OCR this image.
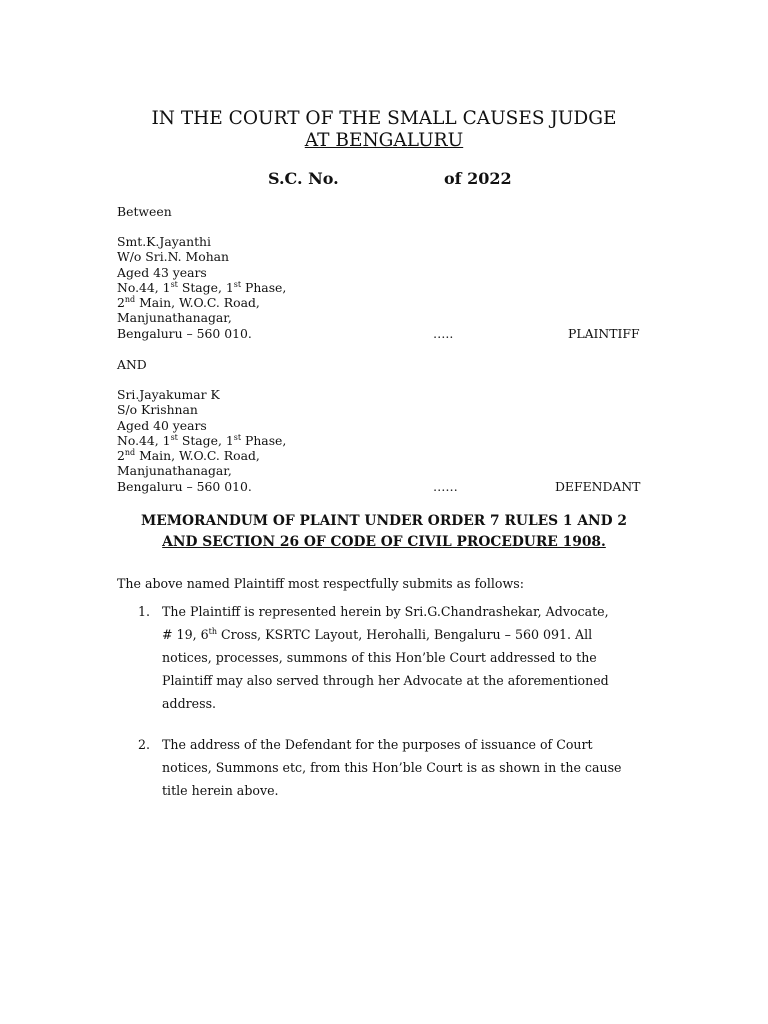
IN THE COURT OF THE SMALL CAUSES JUDGE
AT BENGALURU
S.C. No.	of 2022
Between
Smt.K.Jayanthi
W/o Sri.N. Mohan
Aged 43 years
No.44, 1st Stage, 1st Phase,
2nd Main, W.O.C. Road,
Manjunathanagar,
Bengaluru – 560 010.	…..	PLAINTIFF
AND
Sri.Jayakumar K
S/o Krishnan
Aged 40 years
No.44, 1st Stage, 1st Phase,
2nd Main, W.O.C. Road,
Manjunathanagar,
Bengaluru – 560 010.	……	DEFENDANT
MEMORANDUM OF PLAINT UNDER ORDER 7 RULES 1 AND 2
AND SECTION 26 OF CODE OF CIVIL PROCEDURE 1908.
The above named Plaintiff most respectfully submits as follows:
1. The Plaintiff is represented herein by Sri.G.Chandrashekar, Advocate,
# 19, 6th Cross, KSRTC Layout, Herohalli, Bengaluru – 560 091. All
notices, processes, summons of this Hon’ble Court addressed to the
Plaintiff may also served through her Advocate at the aforementioned
address.
2. The address of the Defendant for the purposes of issuance of Court
notices, Summons etc, from this Hon’ble Court is as shown in the cause
title herein above.
